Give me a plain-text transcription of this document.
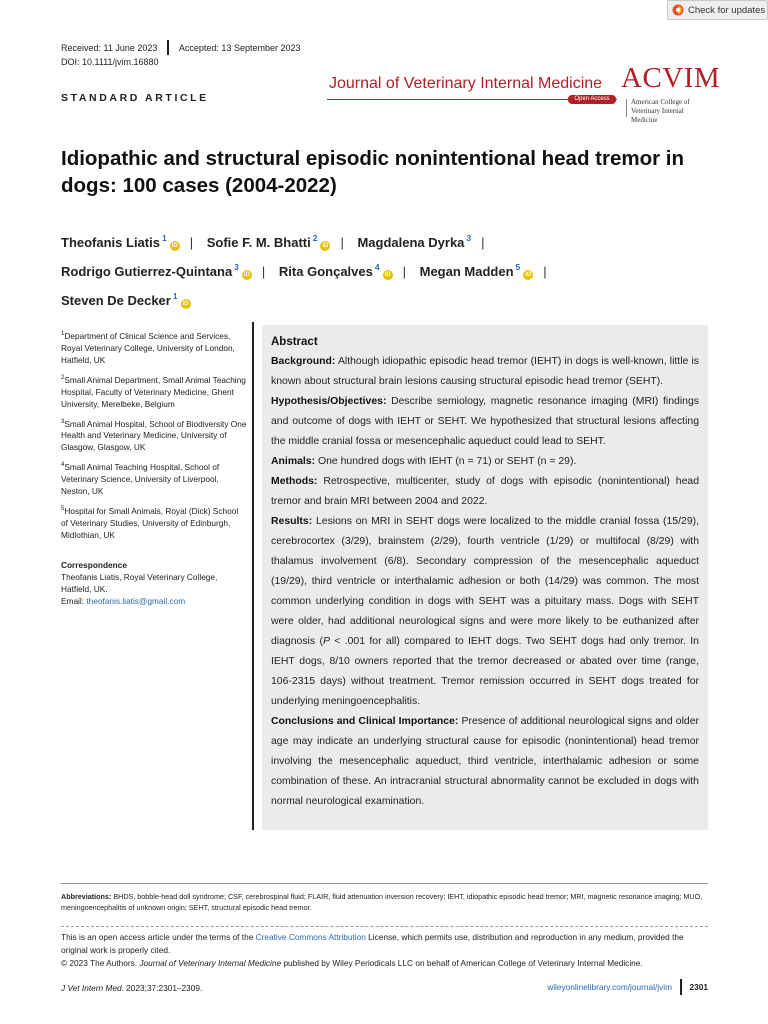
Check for updates
Received: 11 June 2023 Accepted: 13 September 2023
DOI: 10.1111/jvim.16880
STANDARD ARTICLE
Journal of Veterinary Internal Medicine
Open Access
ACVIM
American College of
Veterinary Internal Medicine
Idiopathic and structural episodic nonintentional head tremor in dogs: 100 cases (2004-2022)
Theofanis Liatis $^1$iD | Sofie F. M. Bhatti $^2$iD | Magdalena Dyrka $^3$ |
Rodrigo Gutierrez-Quintana $^3$iD | Rita Gonçalves $^4$iD | Megan Madden $^5$iD |
Steven De Decker $^1$iD
$^1$Department of Clinical Science and Services, Royal Veterinary College, University of London, Hatfield, UK
$^2$Small Animal Department, Small Animal Teaching Hospital, Faculty of Veterinary Medicine, Ghent University, Merelbeke, Belgium
$^3$Small Animal Hospital, School of Biodiversity One Health and Veterinary Medicine, University of Glasgow, Glasgow, UK
$^4$Small Animal Teaching Hospital, School of Veterinary Science, University of Liverpool, Neston, UK
$^5$Hospital for Small Animals, Royal (Dick) School of Veterinary Studies, University of Edinburgh, Midlothian, UK
Correspondence
Theofanis Liatis, Royal Veterinary College, Hatfield, UK.
Email: theofanis.liatis@gmail.com
Abstract

Background: Although idiopathic episodic head tremor (IEHT) in dogs is well-known, little is known about structural brain lesions causing structural episodic head tremor (SEHT).

Hypothesis/Objectives: Describe semiology, magnetic resonance imaging (MRI) findings and outcome of dogs with IEHT or SEHT. We hypothesized that structural lesions affecting the middle cranial fossa or mesencephalic aqueduct could lead to SEHT.

Animals: One hundred dogs with IEHT (n = 71) or SEHT (n = 29).

Methods: Retrospective, multicenter, study of dogs with episodic (nonintentional) head tremor and brain MRI between 2004 and 2022.

Results: Lesions on MRI in SEHT dogs were localized to the middle cranial fossa (15/29), cerebrocortex (3/29), brainstem (2/29), fourth ventricle (1/29) or multifocal (8/29) with thalamus involvement (6/8). Secondary compression of the mesencephalic aqueduct (19/29), third ventricle or interthalamic adhesion or both (14/29) was common. The most common underlying condition in dogs with SEHT was a pituitary mass. Dogs with SEHT were older, had additional neurological signs and were more likely to be euthanized after diagnosis (P < .001 for all) compared to IEHT dogs. Two SEHT dogs had only tremor. In IEHT dogs, 8/10 owners reported that the tremor decreased or abated over time (range, 106-2315 days) without treatment. Tremor remission occurred in SEHT dogs treated for underlying meningoencephalitis.

Conclusions and Clinical Importance: Presence of additional neurological signs and older age may indicate an underlying structural cause for episodic (nonintentional) head tremor involving the mesencephalic aqueduct, third ventricle, interthalamic adhesion or some combination of these. An intracranial structural abnormality cannot be excluded in dogs with normal neurological examination.

Abbreviations: BHDS, bobble-head doll syndrome; CSF, cerebrospinal fluid; FLAIR, fluid attenuation inversion recovery; IEHT, idiopathic episodic head tremor; MRI, magnetic resonance imaging; MUO, meningoencephalitis of unknown origin; SEHT, structural episodic head tremor.
This is an open access article under the terms of the Creative Commons Attribution License, which permits use, distribution and reproduction in any medium, provided the original work is properly cited.
© 2023 The Authors. Journal of Veterinary Internal Medicine published by Wiley Periodicals LLC on behalf of American College of Veterinary Internal Medicine.
J Vet Intern Med. 2023;37:2301–2309.	wileyonlinelibrary.com/journal/jvim 2301
